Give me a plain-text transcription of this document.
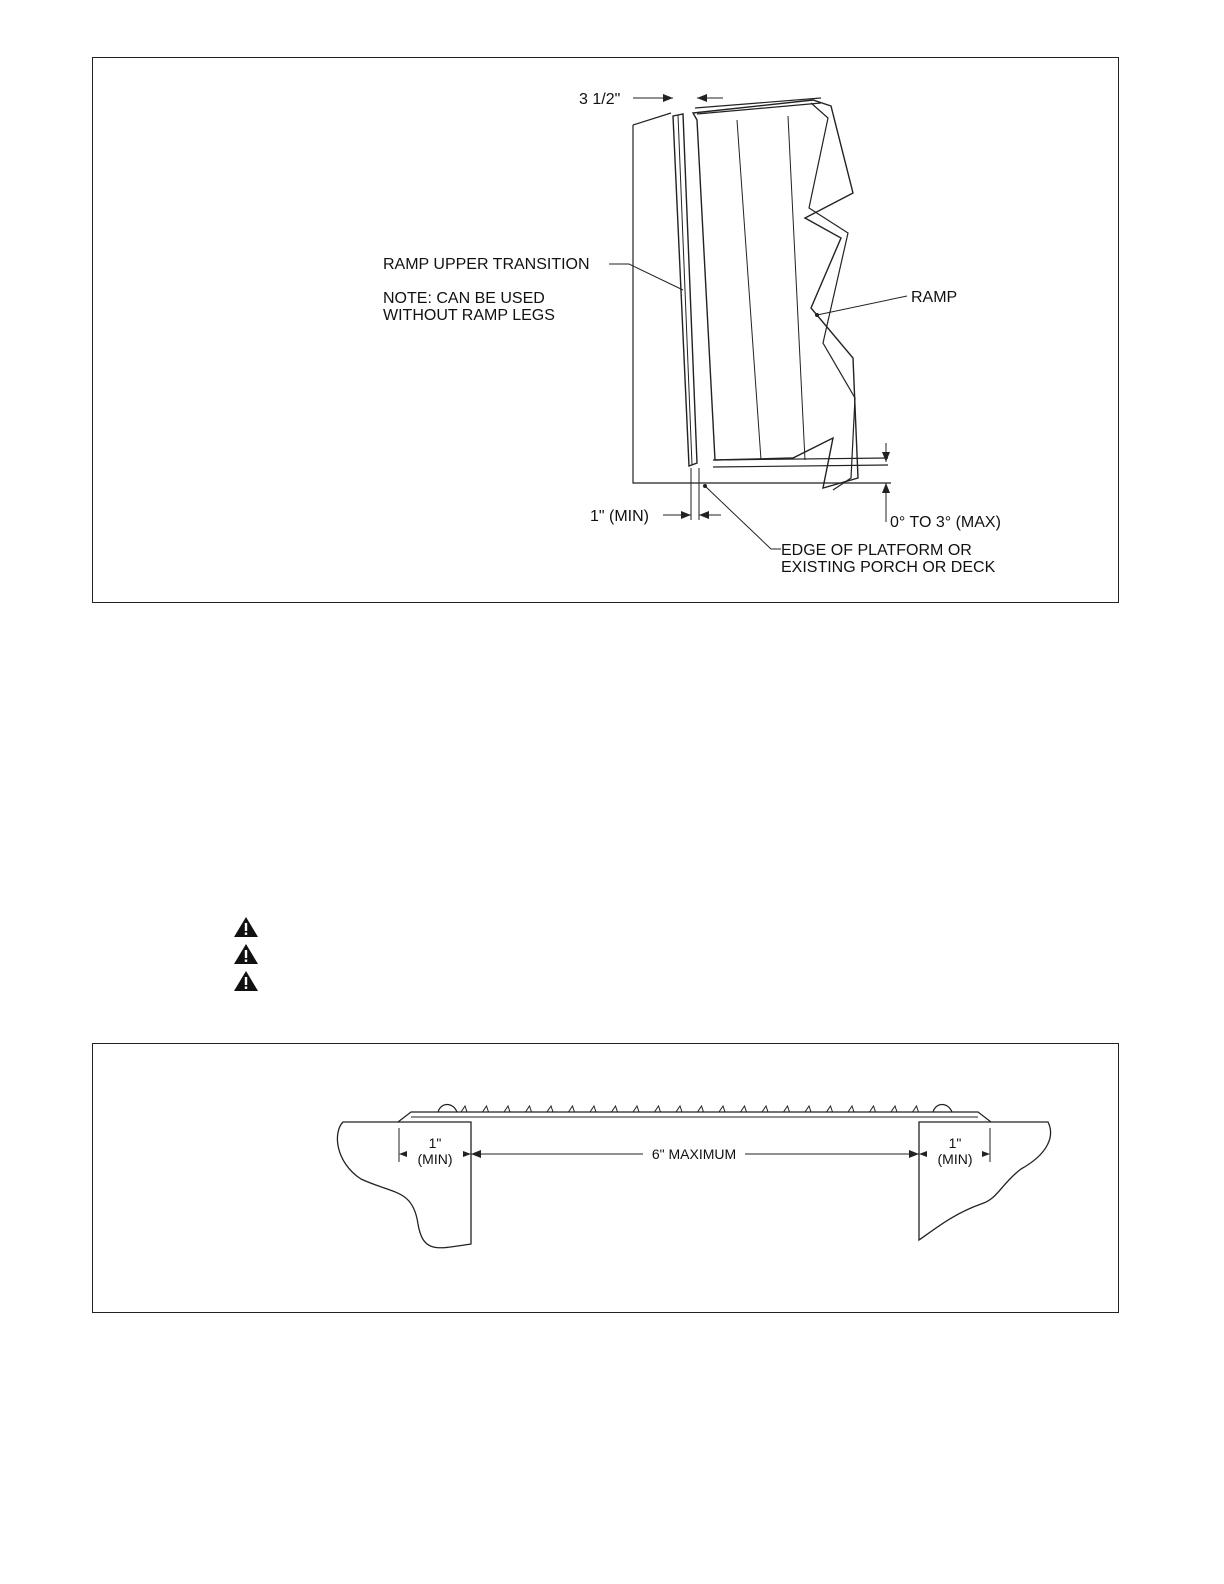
3 1/2"
RAMP UPPER TRANSITION
NOTE: CAN BE USED
WITHOUT RAMP LEGS
RAMP
1" (MIN)	0° TO 3° (MAX)
EDGE OF PLATFORM OR
EXISTING PORCH OR DECK
1"
(MIN)	6" MAXIMUM
1"
(MIN)
